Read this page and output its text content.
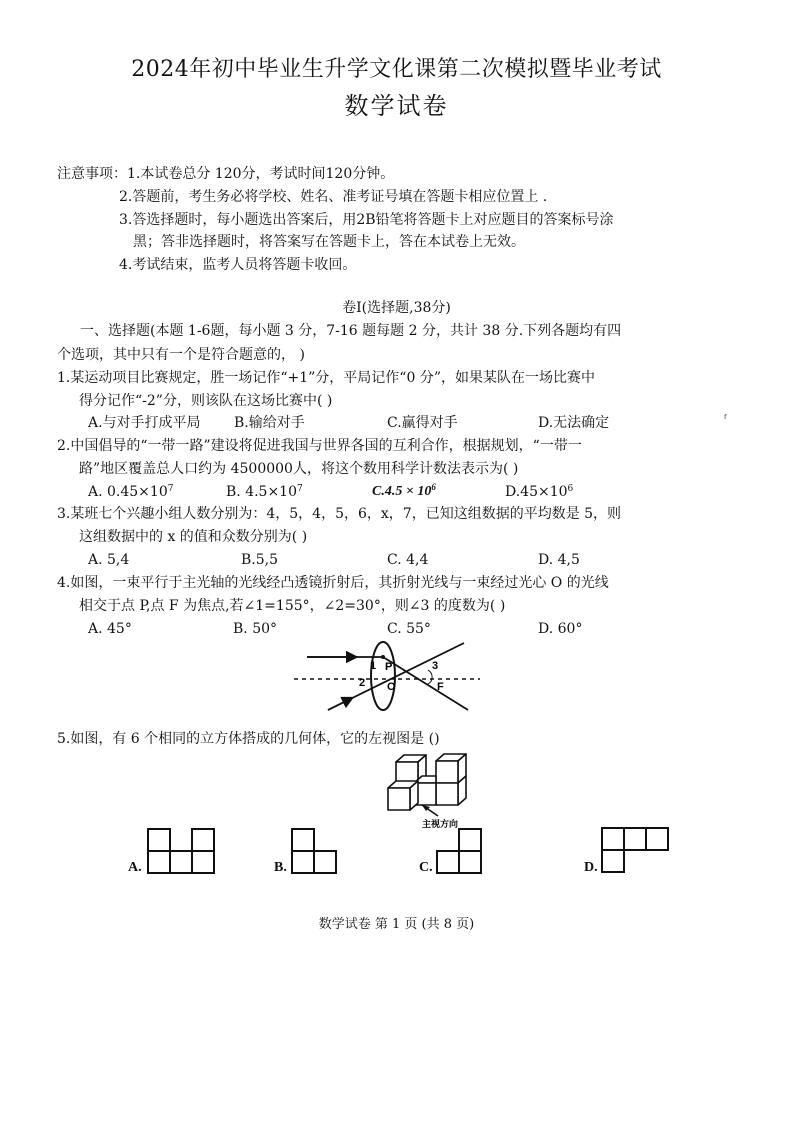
2024年初中毕业生升学文化课第二次模拟暨毕业考试
数学试卷
注意事项：1.本试卷总分 120分，考试时间120分钟。
2.答题前，考生务必将学校、姓名、准考证号填在答题卡相应位置上 .
3.答选择题时，每小题选出答案后，用2B铅笔将答题卡上对应题目的答案标号涂
黑；答非选择题时，将答案写在答题卡上，答在本试卷上无效。
4.考试结束，监考人员将答题卡收回。
卷Ⅰ(选择题,38分)
一、选择题(本题 1-6题，每小题 3 分，7-16 题每题 2 分，共计 38 分.下列各题均有四
个选项，其中只有一个是符合题意的， )
1.某运动项目比赛规定，胜一场记作“+1”分，平局记作“0 分”，如果某队在一场比赛中
得分记作“-2”分，则该队在这场比赛中( )
A.与对手打成平局 B.输给对手	C.赢得对手	D.无法确定	ᶠ
2.中国倡导的“一带一路”建设将促进我国与世界各国的互利合作，根据规划，“一带一
路”地区覆盖总人口约为 4500000人，将这个数用科学计数法表示为( )
A. $0.45\times 10^7$	B. $4.5\times 10^7$	$C.4.5 \times 10^6$	$D.45\times 10^6$
3.某班七个兴趣小组人数分别为：4，5，4，5，6，x，7，已知这组数据的平均数是 5，则
这组数据中的 x 的值和众数分别为( )
A. 5,4	B.5,5	C. 4,4	D. 4,5
4.如图，一束平行于主光轴的光线经凸透镜折射后，其折射光线与一束经过光心 O 的光线
相交于点 P,点 F 为焦点,若∠1=155°，∠2=30°，则∠3 的度数为( )
A. 45°	B. 50°	C. 55°	D. 60°
1
2
3
P
O	F
5.如图，有 6 个相同的立方体搭成的几何体，它的左视图是 ()
主视方向
A.	B.	C.	D.
数学试卷 第 1 页 (共 8 页)
